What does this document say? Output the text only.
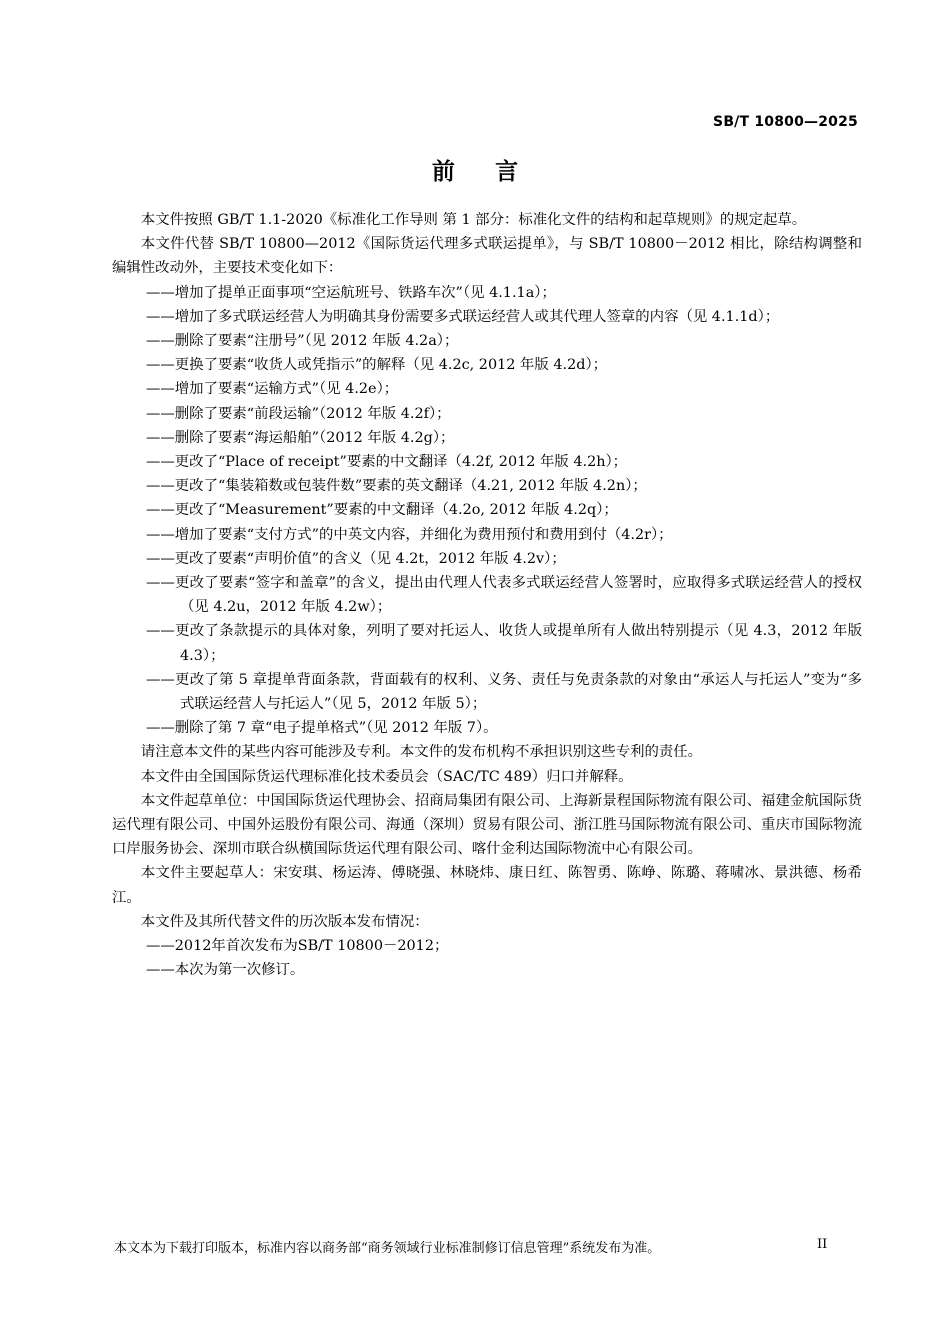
SB/T 10800—2025
前 言

本文件按照 GB/T 1.1-2020《标准化工作导则 第 1 部分：标准化文件的结构和起草规则》的规定起草。

本文件代替 SB/T 10800—2012《国际货运代理多式联运提单》，与 SB/T 10800－2012 相比，除结构调整和编辑性改动外，主要技术变化如下：

——增加了提单正面事项“空运航班号、铁路车次”（见 4.1.1a）；

——增加了多式联运经营人为明确其身份需要多式联运经营人或其代理人签章的内容（见 4.1.1d）；

——删除了要素“注册号”（见 2012 年版 4.2a）；

——更换了要素“收货人或凭指示”的解释（见 4.2c, 2012 年版 4.2d）；

——增加了要素“运输方式”（见 4.2e）；

——删除了要素“前段运输”（2012 年版 4.2f）；

——删除了要素“海运船舶”（2012 年版 4.2g）；

——更改了“Place of receipt”要素的中文翻译（4.2f, 2012 年版 4.2h）；

——更改了“集装箱数或包装件数”要素的英文翻译（4.21, 2012 年版 4.2n）；

——更改了“Measurement”要素的中文翻译（4.2o, 2012 年版 4.2q）；

——增加了要素“支付方式”的中英文内容，并细化为费用预付和费用到付（4.2r）；

——更改了要素“声明价值”的含义（见 4.2t，2012 年版 4.2v）；

——更改了要素“签字和盖章”的含义，提出由代理人代表多式联运经营人签署时，应取得多式联运经营人的授权（见 4.2u，2012 年版 4.2w）；

——更改了条款提示的具体对象，列明了要对托运人、收货人或提单所有人做出特别提示（见 4.3，2012 年版 4.3）；

——更改了第 5 章提单背面条款，背面载有的权利、义务、责任与免责条款的对象由“承运人与托运人”变为“多式联运经营人与托运人”（见 5，2012 年版 5）；

——删除了第 7 章“电子提单格式”（见 2012 年版 7）。

请注意本文件的某些内容可能涉及专利。本文件的发布机构不承担识别这些专利的责任。

本文件由全国国际货运代理标准化技术委员会（SAC/TC 489）归口并解释。

本文件起草单位：中国国际货运代理协会、招商局集团有限公司、上海新景程国际物流有限公司、福建金航国际货运代理有限公司、中国外运股份有限公司、海通（深圳）贸易有限公司、浙江胜马国际物流有限公司、重庆市国际物流口岸服务协会、深圳市联合纵横国际货运代理有限公司、喀什金利达国际物流中心有限公司。

本文件主要起草人：宋安琪、杨运涛、傅晓强、林晓炜、康日红、陈智勇、陈峥、陈璐、蒋啸冰、景洪德、杨希江。

本文件及其所代替文件的历次版本发布情况：

——2012年首次发布为SB/T 10800－2012；

——本次为第一次修订。

本文本为下载打印版本，标准内容以商务部“商务领域行业标准制修订信息管理”系统发布为准。	II
